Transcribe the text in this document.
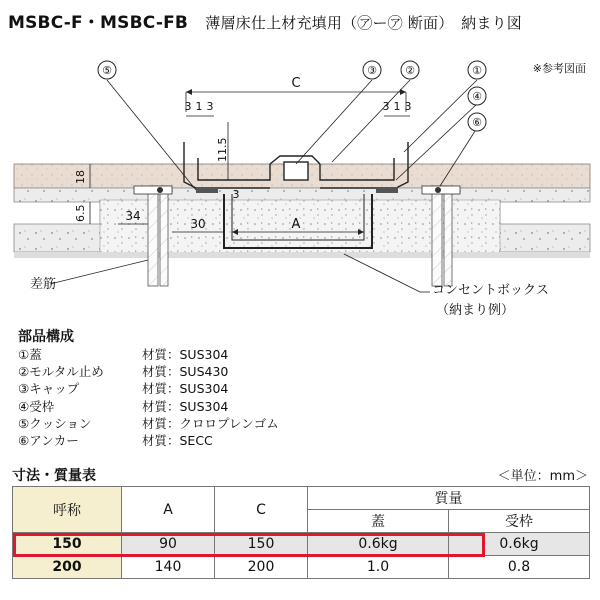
MSBC-F・MSBC-FB　 薄層床仕上材充填用（㋐ー㋐ 断面）　納まり図
※参考図面
⑤	③	②	①
④
⑥
C
A
3 1 3	3 1 3
30
34
3
18
6.5
11.5
差筋	コンセントボックス
（納まり例）
部品構成
①蓋	材質：SUS304
②モルタル止め	材質：SUS430
③キャップ	材質：SUS304
④受枠	材質：SUS304
⑤クッション	材質：クロロプレンゴム
⑥アンカー	材質：SECC
寸法・質量表	＜単位：mm＞
呼称	A	C	質量	
			蓋	受枠
150	90	150	0.6kg	0.6kg
200	140	200	1.0	0.8
